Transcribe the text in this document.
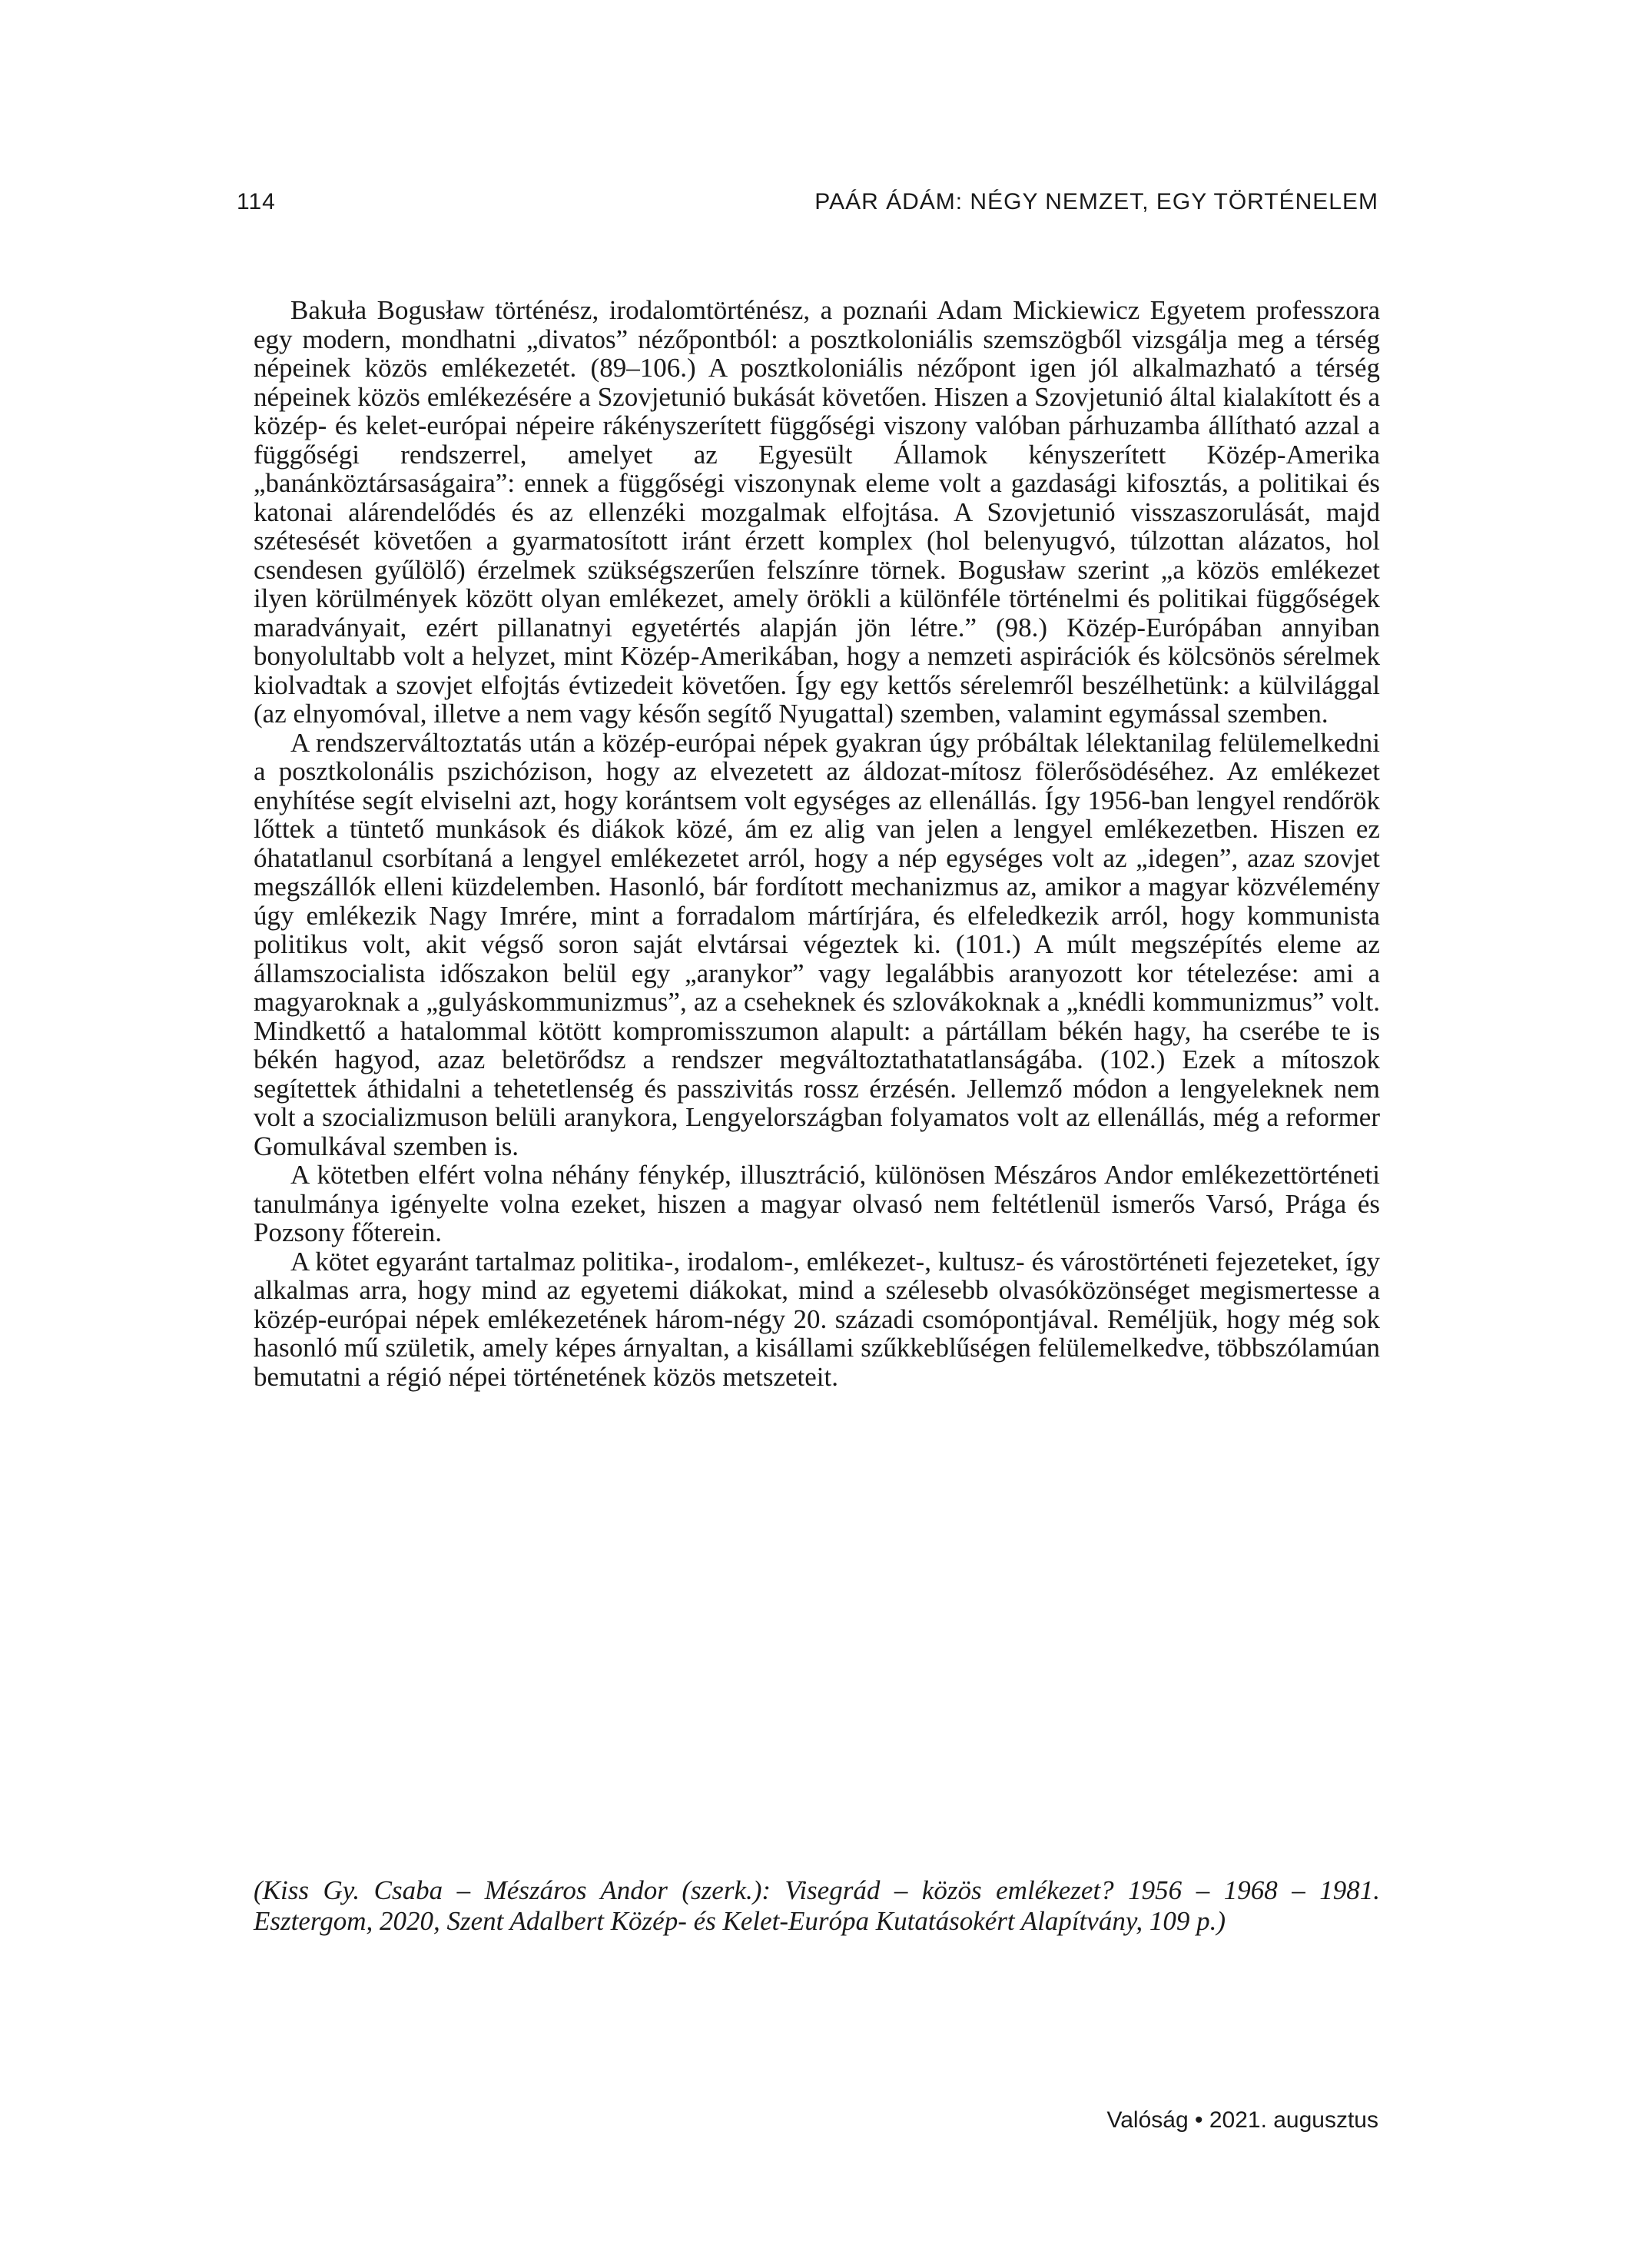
114	PAÁR ÁDÁM: NÉGY NEMZET, EGY TÖRTÉNELEM

Bakuła Bogusław történész, irodalomtörténész, a poznańi Adam Mickiewicz Egyetem professzora egy modern, mondhatni „divatos” nézőpontból: a posztkoloniális szemszögből vizsgálja meg a térség népeinek közös emlékezetét. (89–106.) A posztkoloniális nézőpont igen jól alkalmazható a térség népeinek közös emlékezésére a Szovjetunió bukását követően. Hiszen a Szovjetunió által kialakított és a közép- és kelet-európai népeire rákényszerített függőségi viszony valóban párhuzamba állítható azzal a függőségi rendszerrel, amelyet az Egyesült Államok kényszerített Közép-Amerika „banánköztársaságaira”: ennek a függőségi viszonynak eleme volt a gazdasági kifosztás, a politikai és katonai alárendelődés és az ellenzéki mozgalmak elfojtása. A Szovjetunió visszaszorulását, majd szétesését követően a gyarmatosított iránt érzett komplex (hol belenyugvó, túlzottan alázatos, hol csendesen gyűlölő) érzelmek szükségszerűen felszínre törnek. Bogusław szerint „a közös emlékezet ilyen körülmények között olyan emlékezet, amely örökli a különféle történelmi és politikai függőségek maradványait, ezért pillanatnyi egyetértés alapján jön létre.” (98.) Közép-Európában annyiban bonyolultabb volt a helyzet, mint Közép-Amerikában, hogy a nemzeti aspirációk és kölcsönös sérelmek kiolvadtak a szovjet elfojtás évtizedeit követően. Így egy kettős sérelemről beszélhetünk: a külvilággal (az elnyomóval, illetve a nem vagy későn segítő Nyugattal) szemben, valamint egymással szemben.

A rendszerváltoztatás után a közép-európai népek gyakran úgy próbáltak lélektanilag felülemelkedni a posztkolonális pszichózison, hogy az elvezetett az áldozat-mítosz fölerősödéséhez. Az emlékezet enyhítése segít elviselni azt, hogy korántsem volt egységes az ellenállás. Így 1956-ban lengyel rendőrök lőttek a tüntető munkások és diákok közé, ám ez alig van jelen a lengyel emlékezetben. Hiszen ez óhatatlanul csorbítaná a lengyel emlékezetet arról, hogy a nép egységes volt az „idegen”, azaz szovjet megszállók elleni küzdelemben. Hasonló, bár fordított mechanizmus az, amikor a magyar közvélemény úgy emlékezik Nagy Imrére, mint a forradalom mártírjára, és elfeledkezik arról, hogy kommunista politikus volt, akit végső soron saját elvtársai végeztek ki. (101.) A múlt megszépítés eleme az államszocialista időszakon belül egy „aranykor” vagy legalábbis aranyozott kor tételezése: ami a magyaroknak a „gulyáskommunizmus”, az a cseheknek és szlovákoknak a „knédli kommunizmus” volt. Mindkettő a hatalommal kötött kompromisszumon alapult: a pártállam békén hagy, ha cserébe te is békén hagyod, azaz beletörődsz a rendszer megváltoztathatatlanságába. (102.) Ezek a mítoszok segítettek áthidalni a tehetetlenség és passzivitás rossz érzésén. Jellemző módon a lengyeleknek nem volt a szocializmuson belüli aranykora, Lengyelországban folyamatos volt az ellenállás, még a reformer Gomulkával szemben is.

A kötetben elfért volna néhány fénykép, illusztráció, különösen Mészáros Andor emlékezettörténeti tanulmánya igényelte volna ezeket, hiszen a magyar olvasó nem feltétlenül ismerős Varsó, Prága és Pozsony főterein.

A kötet egyaránt tartalmaz politika-, irodalom-, emlékezet-, kultusz- és várostörténeti fejezeteket, így alkalmas arra, hogy mind az egyetemi diákokat, mind a szélesebb olvasóközönséget megismertesse a közép-európai népek emlékezetének három-négy 20. századi csomópontjával. Reméljük, hogy még sok hasonló mű születik, amely képes árnyaltan, a kisállami szűkkeblűségen felülemelkedve, többszólamúan bemutatni a régió népei történetének közös metszeteit.

(Kiss Gy. Csaba – Mészáros Andor (szerk.): Visegrád – közös emlékezet? 1956 – 1968 – 1981. Esztergom, 2020, Szent Adalbert Közép- és Kelet-Európa Kutatásokért Alapítvány, 109 p.)

Valóság • 2021. augusztus
